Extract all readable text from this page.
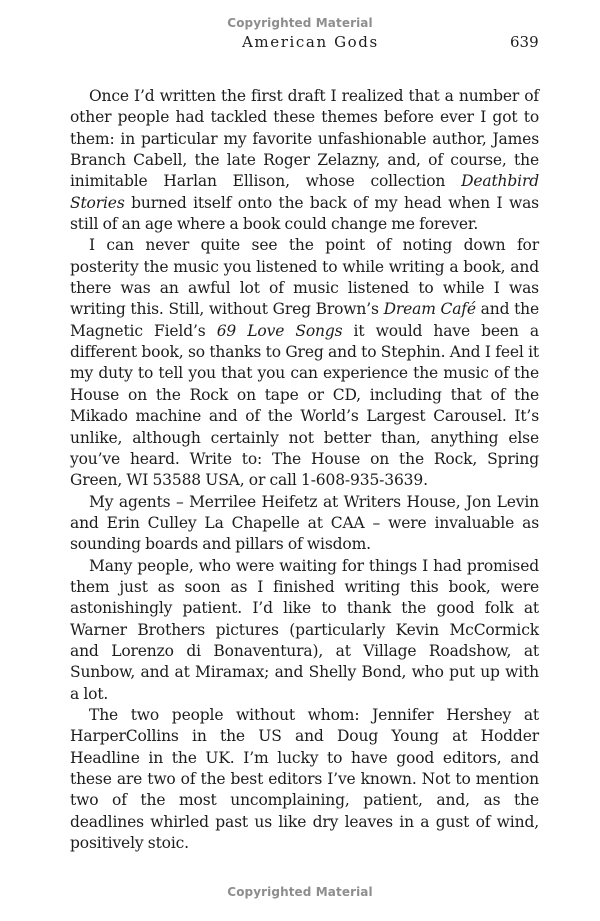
Copyrighted Material
American Gods	639

Once I’d written the first draft I realized that a number of other people had tackled these themes before ever I got to them: in particular my favorite unfashionable author, James Branch Cabell, the late Roger Zelazny, and, of course, the inimitable Harlan Ellison, whose collection Deathbird Stories burned itself onto the back of my head when I was still of an age where a book could change me forever.

I can never quite see the point of noting down for posterity the music you listened to while writing a book, and there was an awful lot of music listened to while I was writing this. Still, without Greg Brown’s Dream Café and the Magnetic Field’s 69 Love Songs it would have been a different book, so thanks to Greg and to Stephin. And I feel it my duty to tell you that you can experience the music of the House on the Rock on tape or CD, including that of the Mikado machine and of the World’s Largest Carousel. It’s unlike, although certainly not better than, anything else you’ve heard. Write to: The House on the Rock, Spring Green, WI 53588 USA, or call 1-608-935-3639.

My agents – Merrilee Heifetz at Writers House, Jon Levin and Erin Culley La Chapelle at CAA – were invaluable as sounding boards and pillars of wisdom.

Many people, who were waiting for things I had promised them just as soon as I finished writing this book, were astonishingly patient. I’d like to thank the good folk at Warner Brothers pictures (particularly Kevin McCormick and Lorenzo di Bonaventura), at Village Roadshow, at Sunbow, and at Miramax; and Shelly Bond, who put up with a lot.

The two people without whom: Jennifer Hershey at HarperCollins in the US and Doug Young at Hodder Headline in the UK. I’m lucky to have good editors, and these are two of the best editors I’ve known. Not to mention two of the most uncomplaining, patient, and, as the deadlines whirled past us like dry leaves in a gust of wind, positively stoic.

Copyrighted Material
